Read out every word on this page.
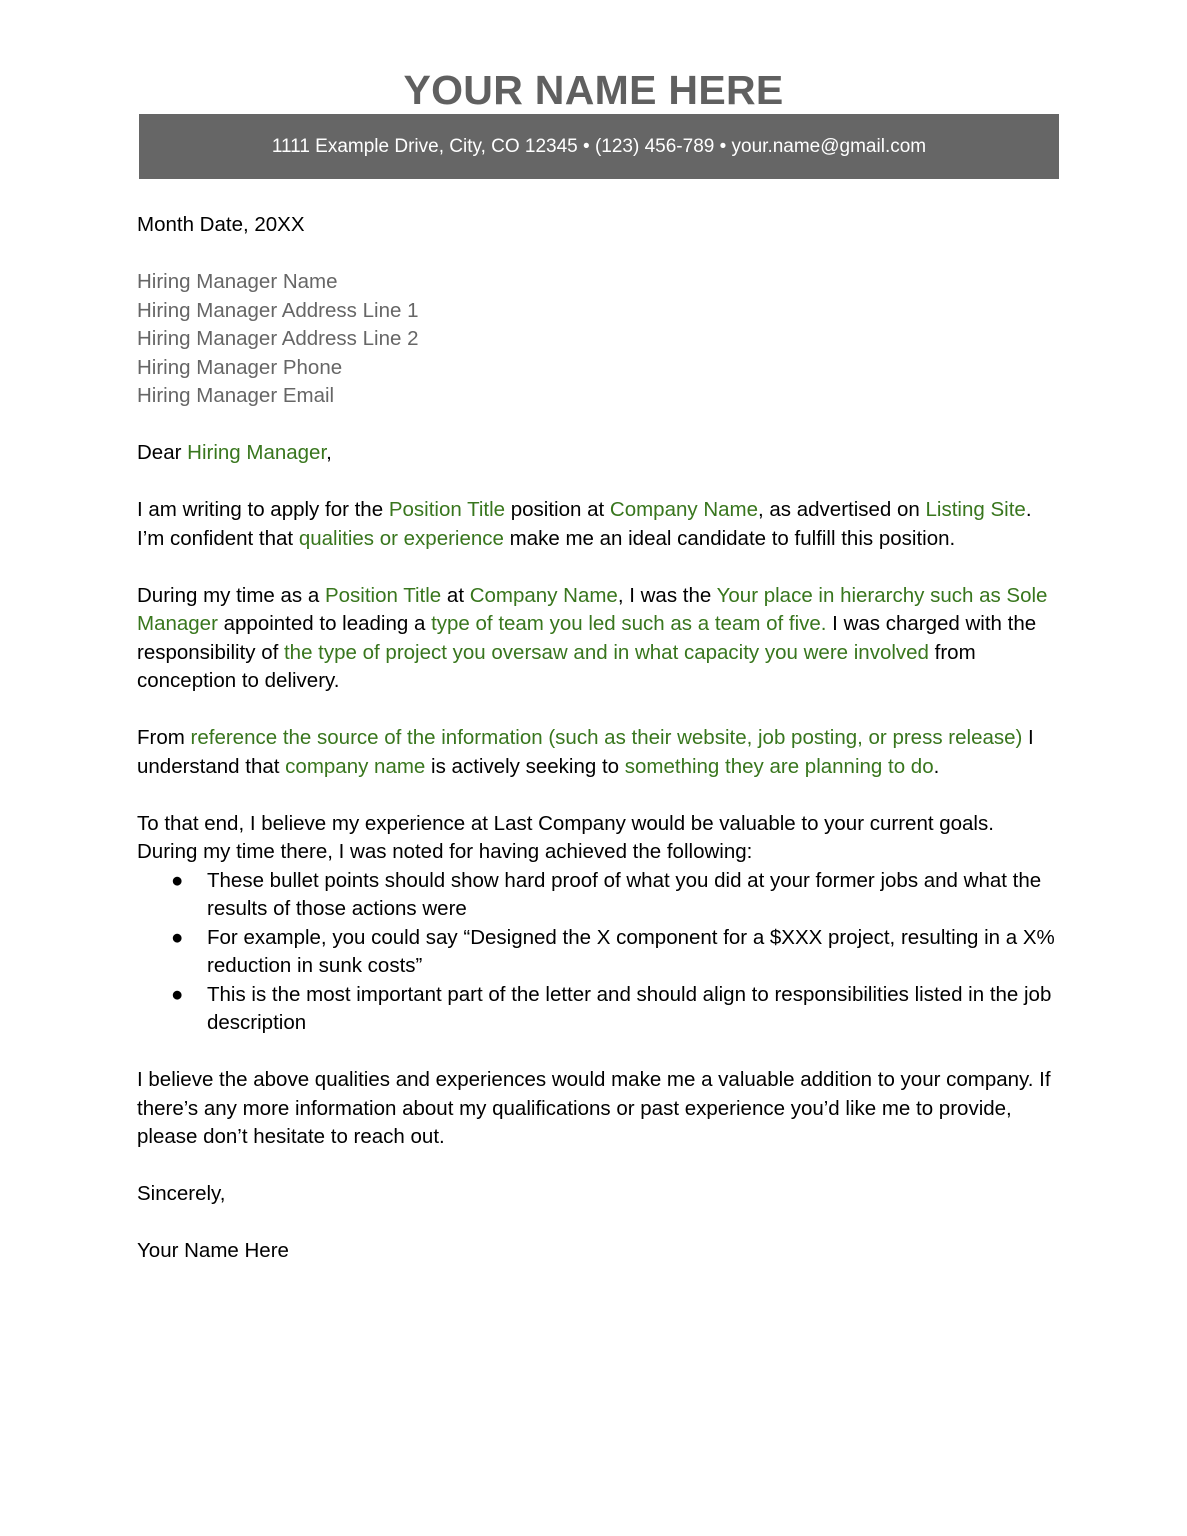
YOUR NAME HERE
1111 Example Drive, City, CO 12345 • (123) 456-789 • your.name@gmail.com

Month Date, 20XX

Hiring Manager Name
Hiring Manager Address Line 1
Hiring Manager Address Line 2
Hiring Manager Phone
Hiring Manager Email

Dear Hiring Manager,

I am writing to apply for the Position Title position at Company Name, as advertised on Listing Site. I’m confident that qualities or experience make me an ideal candidate to fulfill this position.

During my time as a Position Title at Company Name, I was the Your place in hierarchy such as Sole Manager appointed to leading a type of team you led such as a team of five. I was charged with the responsibility of the type of project you oversaw and in what capacity you were involved from conception to delivery.

From reference the source of the information (such as their website, job posting, or press release) I understand that company name is actively seeking to something they are planning to do.

To that end, I believe my experience at Last Company would be valuable to your current goals. During my time there, I was noted for having achieved the following:
● These bullet points should show hard proof of what you did at your former jobs and what the results of those actions were
● For example, you could say “Designed the X component for a $XXX project, resulting in a X% reduction in sunk costs”
● This is the most important part of the letter and should align to responsibilities listed in the job description

I believe the above qualities and experiences would make me a valuable addition to your company. If there’s any more information about my qualifications or past experience you’d like me to provide, please don’t hesitate to reach out.

Sincerely,

Your Name Here
